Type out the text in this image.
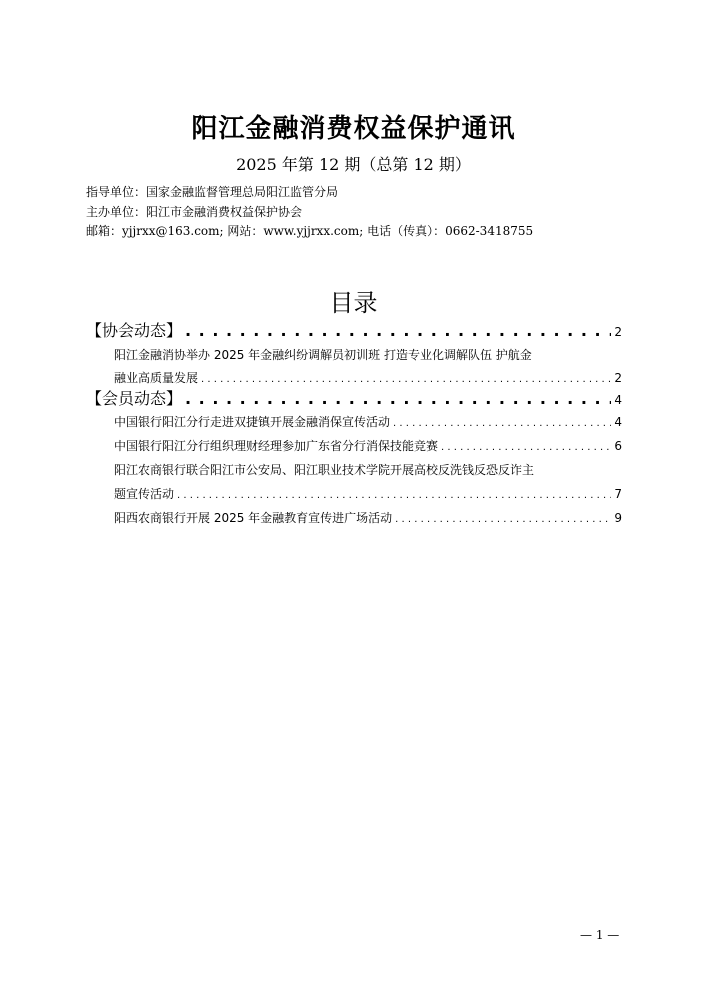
阳江金融消费权益保护通讯
2025 年第 12 期（总第 12 期）
指导单位：国家金融监督管理总局阳江监管分局
主办单位：阳江市金融消费权益保护协会
邮箱：yjjrxx@163.com; 网站：www.yjjrxx.com; 电话（传真）：0662-3418755
目录
【协会动态】 . . .	2
阳江金融消协举办 2025 年金融纠纷调解员初训班 打造专业化调解队伍 护航金
融业高质量发展 . . .	2
【会员动态】 . . .	4
中国银行阳江分行走进双捷镇开展金融消保宣传活动 . . .	4
中国银行阳江分行组织理财经理参加广东省分行消保技能竞赛 . . .	6
阳江农商银行联合阳江市公安局、阳江职业技术学院开展高校反洗钱反恐反诈主
题宣传活动 . . .	7
阳西农商银行开展 2025 年金融教育宣传进广场活动 . . .	9
— 1 —
